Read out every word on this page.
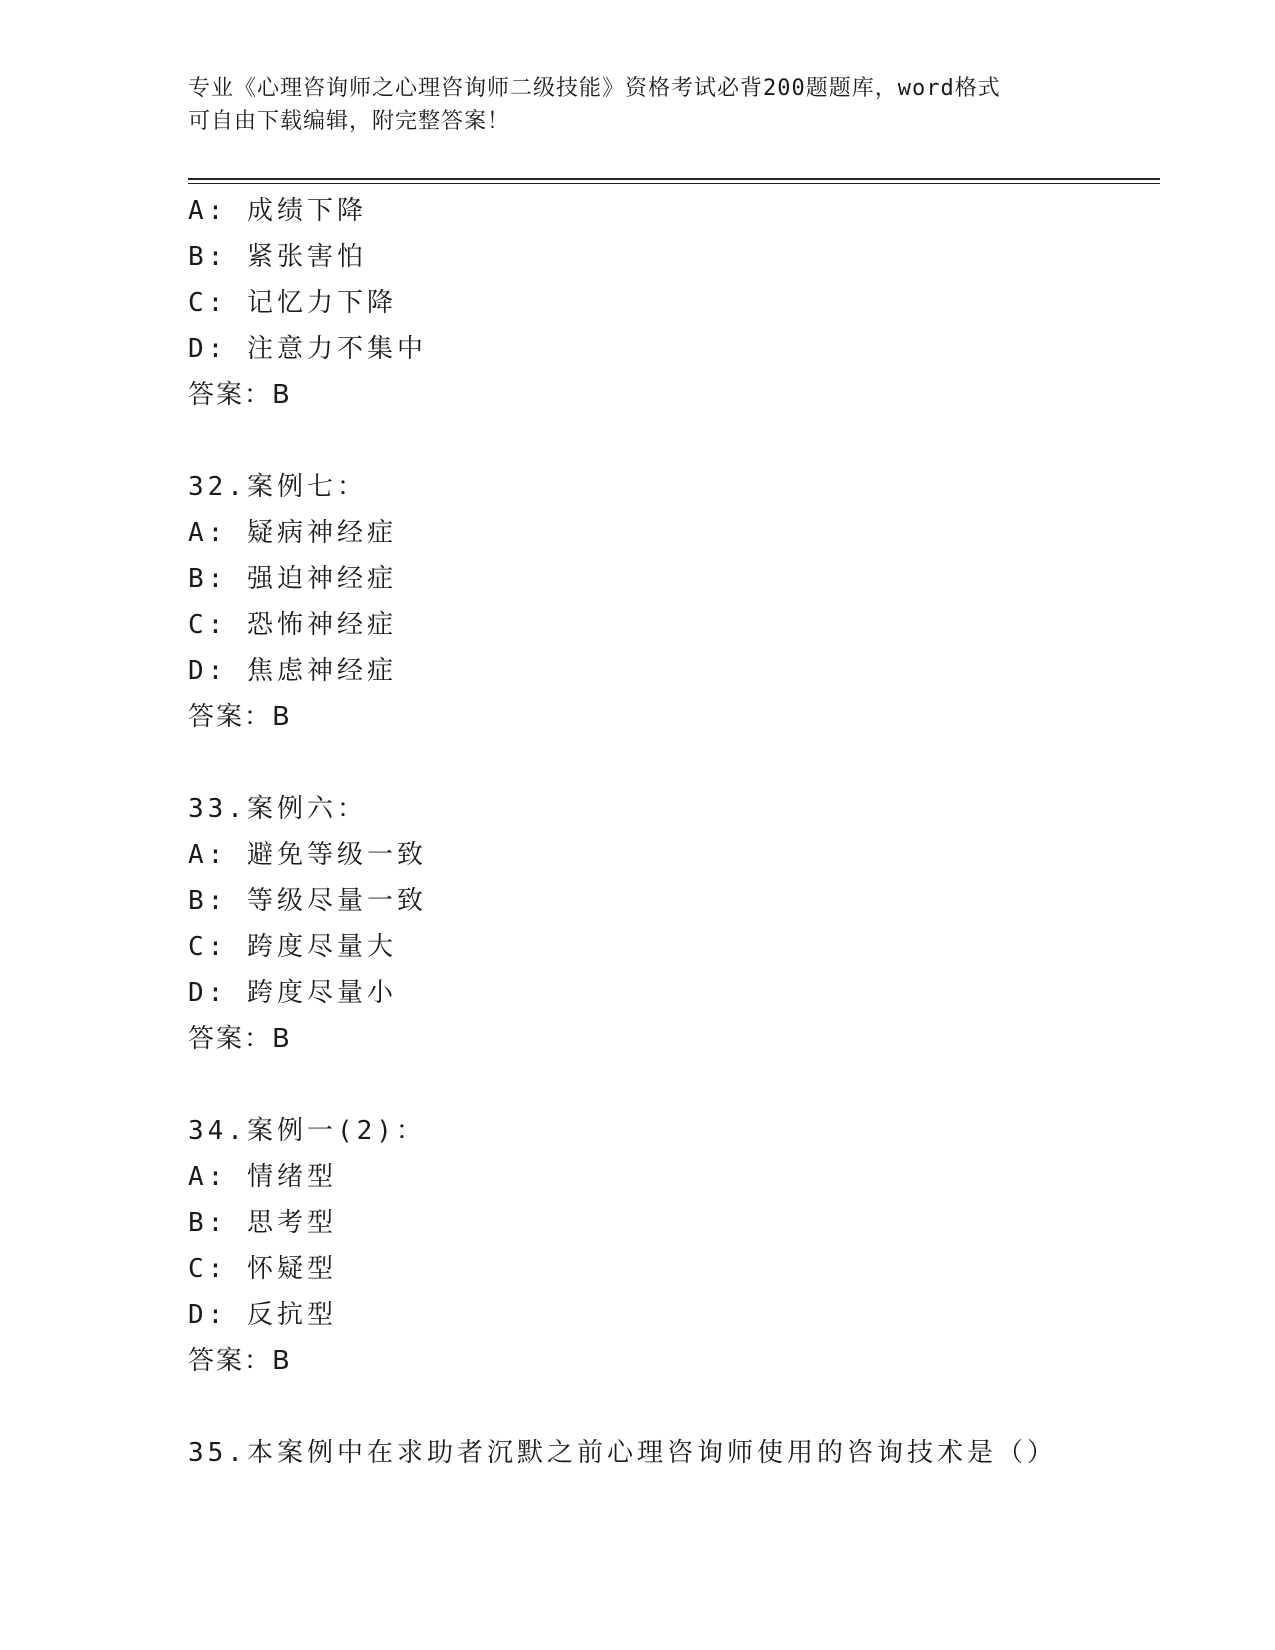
专业《心理咨询师之心理咨询师二级技能》资格考试必背200题题库，word格式
可自由下载编辑，附完整答案！
A: 成绩下降
B: 紧张害怕
C: 记忆力下降
D: 注意力不集中
答案：B
32.案例七：
A: 疑病神经症
B: 强迫神经症
C: 恐怖神经症
D: 焦虑神经症
答案：B
33.案例六：
A: 避免等级一致
B: 等级尽量一致
C: 跨度尽量大
D: 跨度尽量小
答案：B
34.案例一(2)：
A: 情绪型
B: 思考型
C: 怀疑型
D: 反抗型
答案：B
35.本案例中在求助者沉默之前心理咨询师使用的咨询技术是（）
